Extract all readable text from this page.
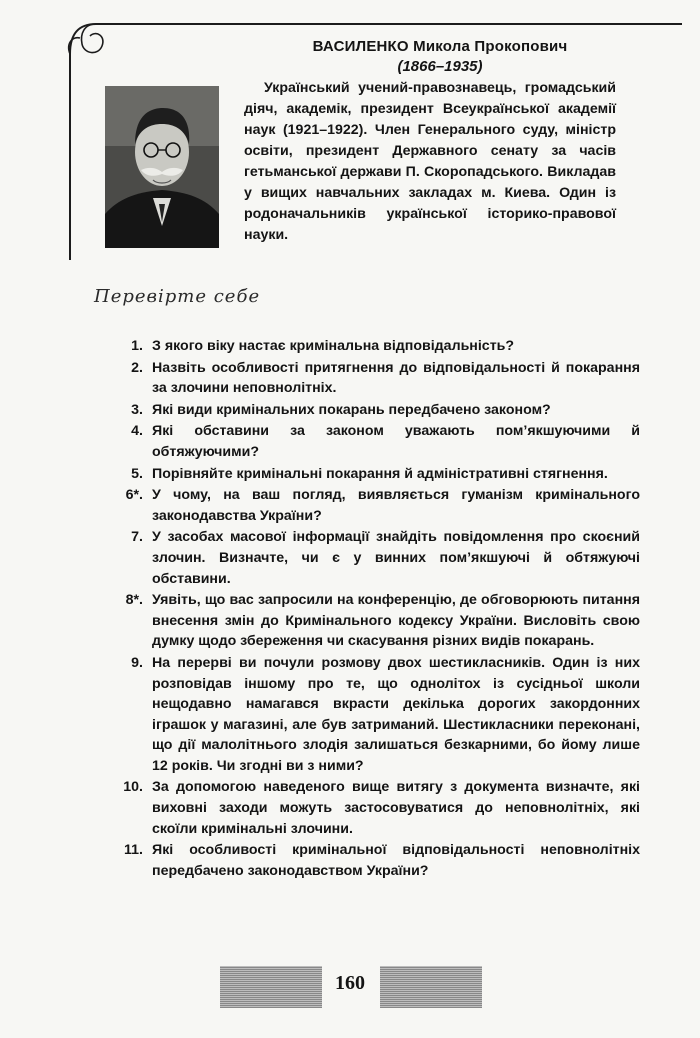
ВАСИЛЕНКО Микола Прокопович
(1866–1935)
Український учений-правознавець, громадський діяч, академік, президент Всеукраїнської академії наук (1921–1922). Член Генерального суду, міністр освіти, президент Державного сенату за часів гетьманської держави П. Скоропадського. Викладав у вищих навчальних закладах м. Киева. Один із родоначальників української історико-правової науки.
Перевірте себе
1. З якого віку настає кримінальна відповідальність?
2. Назвіть особливості притягнення до відповідальності й покарання за злочини неповнолітніх.
3. Які види кримінальних покарань передбачено законом?
4. Які обставини за законом уважають пом’якшуючими й обтяжуючими?
5. Порівняйте кримінальні покарання й адміністративні стягнення.
6*. У чому, на ваш погляд, виявляється гуманізм кримінального законодавства України?
7. У засобах масової інформації знайдіть повідомлення про скоєний злочин. Визначте, чи є у винних пом’якшуючі й обтяжуючі обставини.
8*. Уявіть, що вас запросили на конференцію, де обговорюють питання внесення змін до Кримінального кодексу України. Висловіть свою думку щодо збереження чи скасування різних видів покарань.
9. На перерві ви почули розмову двох шестикласників. Один із них розповідав іншому про те, що однолітох із сусідньої школи нещодавно намагався вкрасти декілька дорогих закордонних іграшок у магазині, але був затриманий. Шестикласники переконані, що дії малолітнього злодія залишаться безкарними, бо йому лише 12 років. Чи згодні ви з ними?
10. За допомогою наведеного вище витягу з документа визначте, які виховні заходи можуть застосовуватися до неповнолітніх, які скоїли кримінальні злочини.
11. Які особливості кримінальної відповідальності неповнолітніх передбачено законодавством України?
160
